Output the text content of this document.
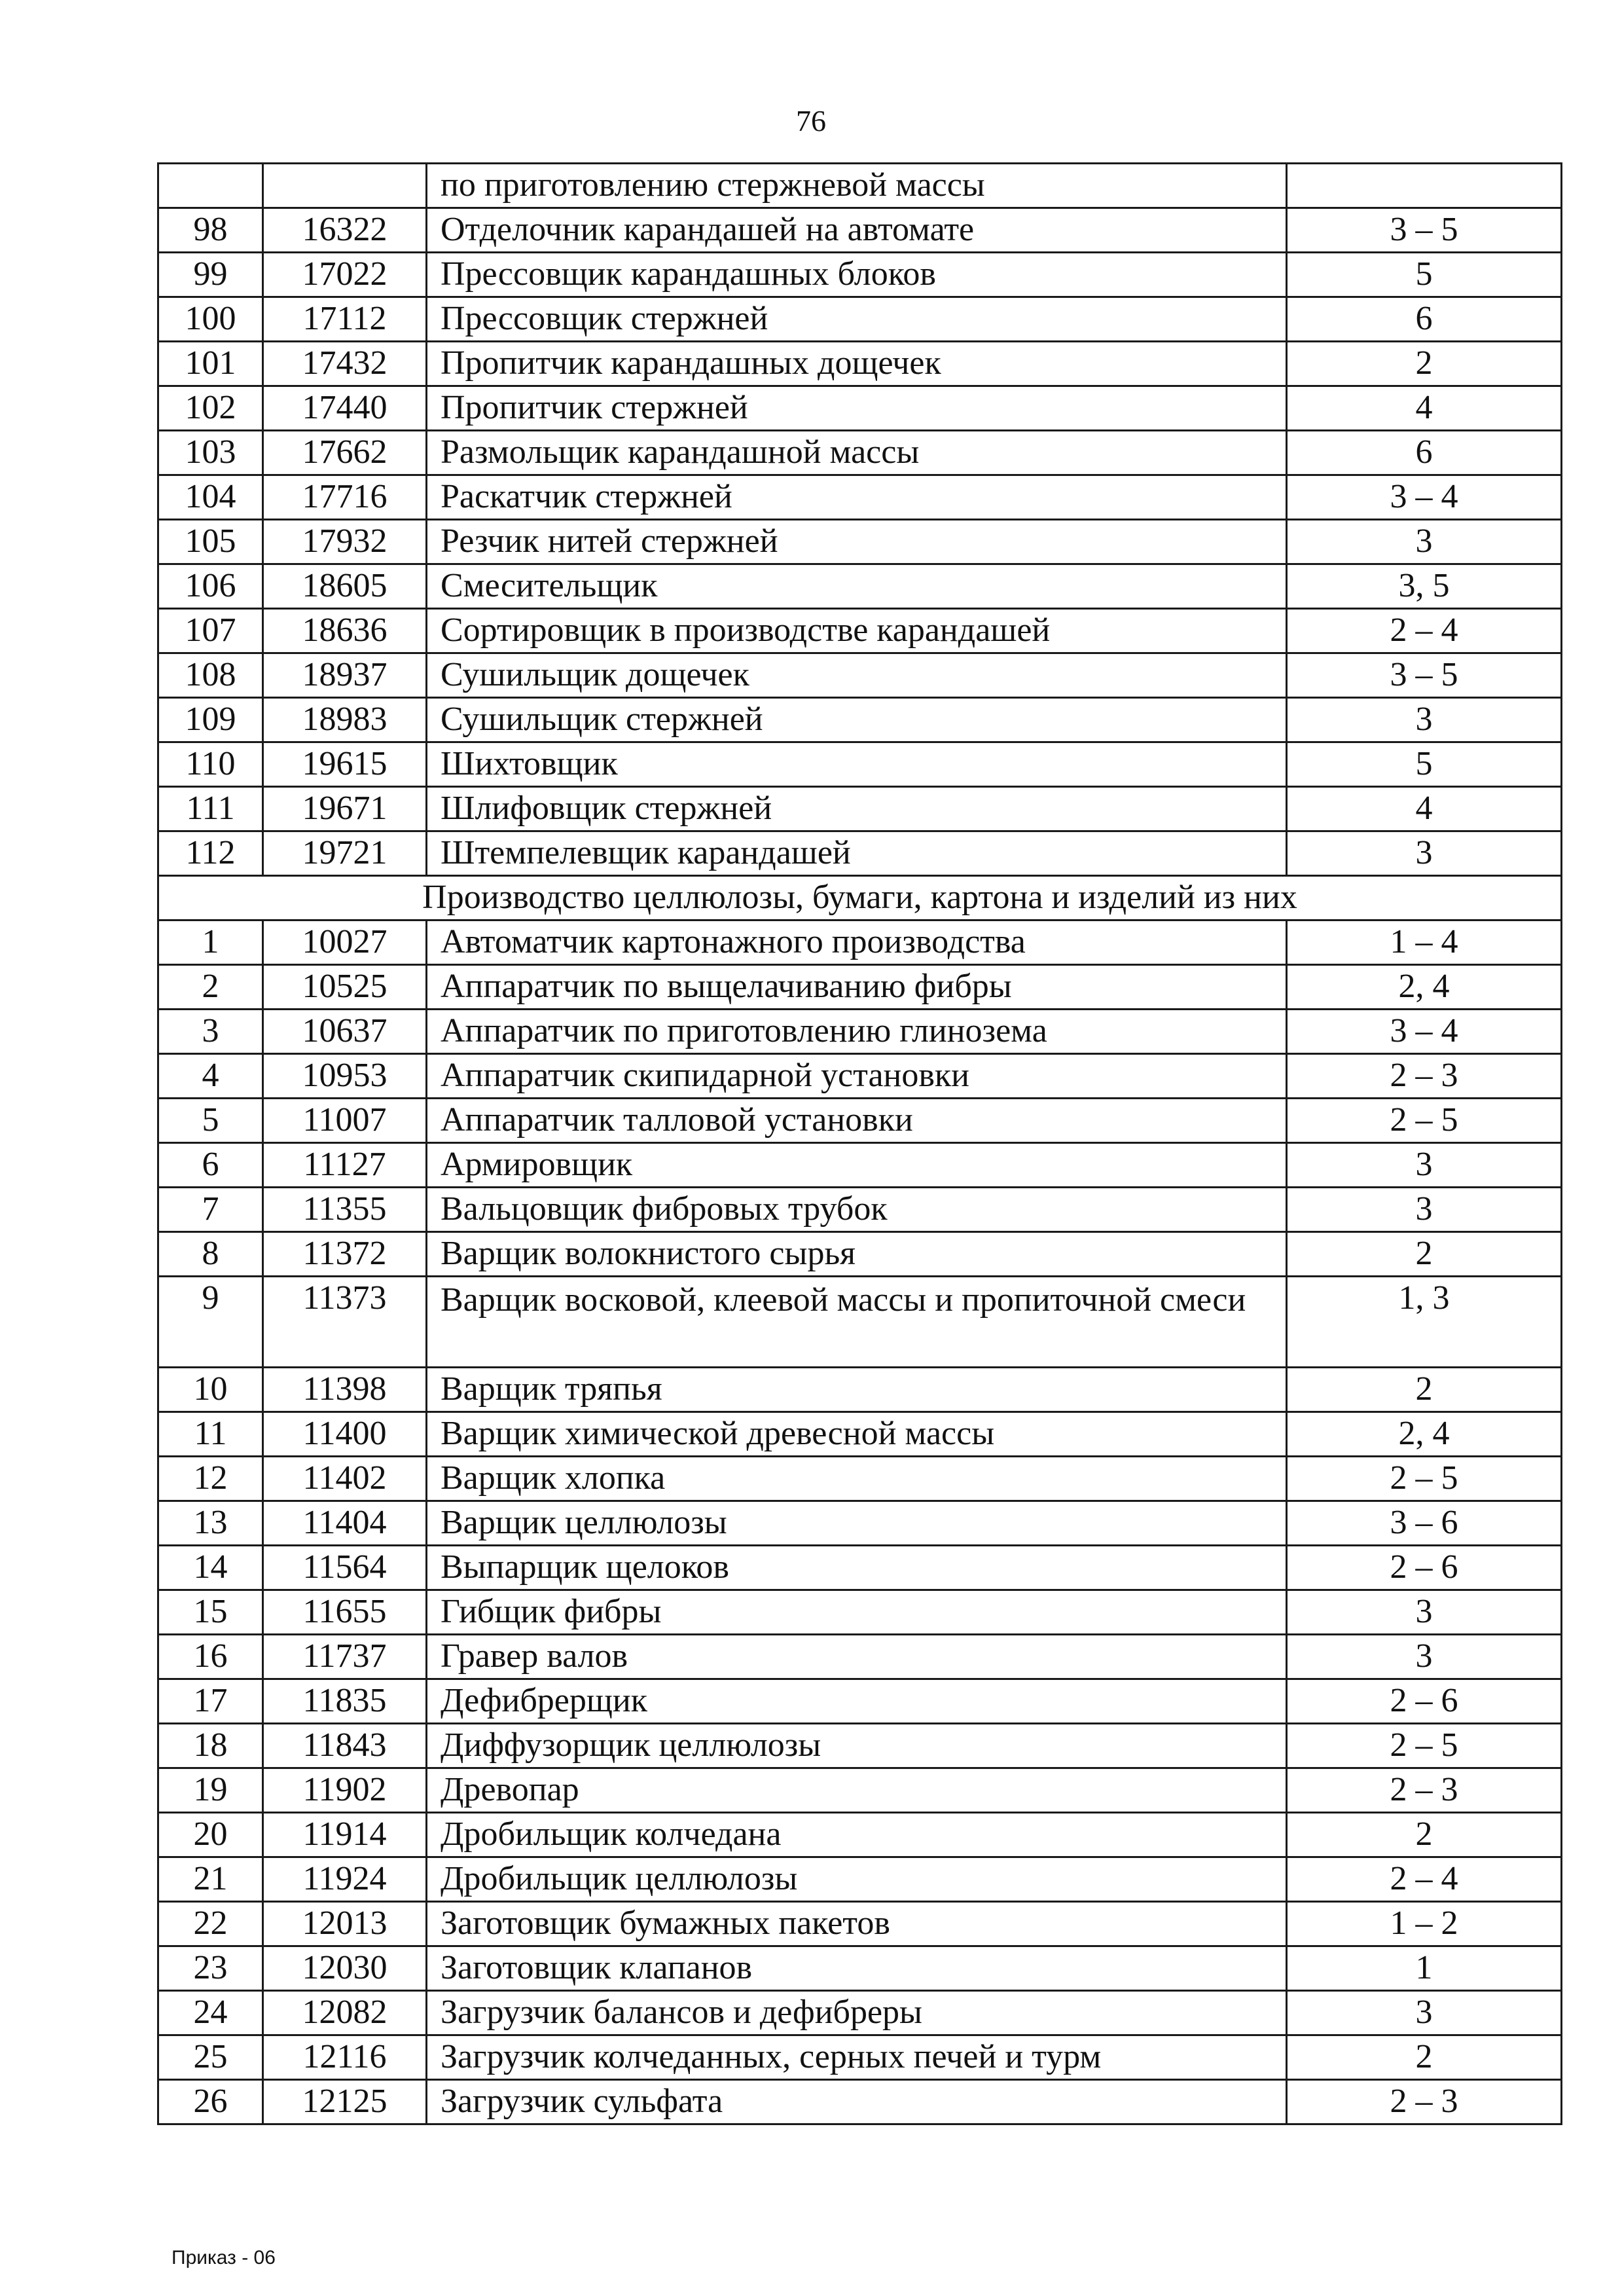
76
		по приготовлению стержневой массы	
98	16322	Отделочник карандашей на автомате	3 – 5
99	17022	Прессовщик карандашных блоков	5
100	17112	Прессовщик стержней	6
101	17432	Пропитчик карандашных дощечек	2
102	17440	Пропитчик стержней	4
103	17662	Размольщик карандашной массы	6
104	17716	Раскатчик стержней	3 – 4
105	17932	Резчик нитей стержней	3
106	18605	Смесительщик	3, 5
107	18636	Сортировщик в производстве карандашей	2 – 4
108	18937	Сушильщик дощечек	3 – 5
109	18983	Сушильщик стержней	3
110	19615	Шихтовщик	5
111	19671	Шлифовщик стержней	4
112	19721	Штемпелевщик карандашей	3
Производство целлюлозы, бумаги, картона и изделий из них			
1	10027	Автоматчик картонажного производства	1 – 4
2	10525	Аппаратчик по выщелачиванию фибры	2, 4
3	10637	Аппаратчик по приготовлению глинозема	3 – 4
4	10953	Аппаратчик скипидарной установки	2 – 3
5	11007	Аппаратчик талловой установки	2 – 5
6	11127	Армировщик	3
7	11355	Вальцовщик фибровых трубок	3
8	11372	Варщик волокнистого сырья	2
9	11373	Варщик восковой, клеевой массы и пропиточной смеси	1, 3
10	11398	Варщик тряпья	2
11	11400	Варщик химической древесной массы	2, 4
12	11402	Варщик хлопка	2 – 5
13	11404	Варщик целлюлозы	3 – 6
14	11564	Выпарщик щелоков	2 – 6
15	11655	Гибщик фибры	3
16	11737	Гравер валов	3
17	11835	Дефибрерщик	2 – 6
18	11843	Диффузорщик целлюлозы	2 – 5
19	11902	Древопар	2 – 3
20	11914	Дробильщик колчедана	2
21	11924	Дробильщик целлюлозы	2 – 4
22	12013	Заготовщик бумажных пакетов	1 – 2
23	12030	Заготовщик клапанов	1
24	12082	Загрузчик балансов и дефибреры	3
25	12116	Загрузчик колчеданных, серных печей и турм	2
26	12125	Загрузчик сульфата	2 – 3
Приказ - 06
